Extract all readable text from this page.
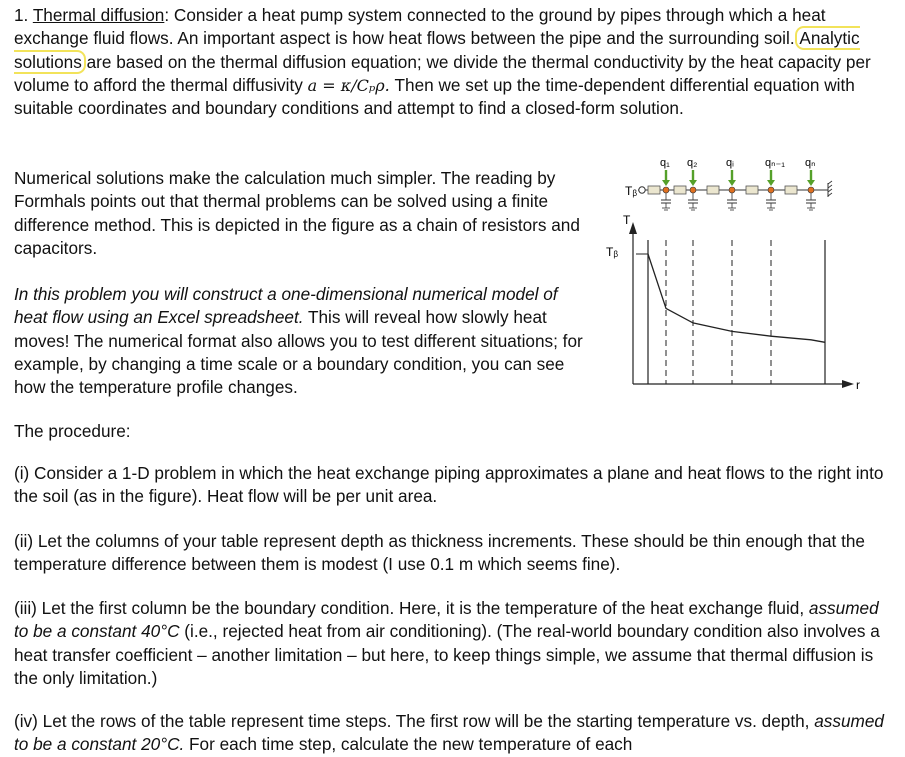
1. Thermal diffusion: Consider a heat pump system connected to the ground by pipes through which a heat exchange fluid flows. An important aspect is how heat flows between the pipe and the surrounding soil. Analytic solutions are based on the thermal diffusion equation; we divide the thermal conductivity by the heat capacity per volume to afford the thermal diffusivity a = κ/Cₚρ. Then we set up the time-dependent differential equation with suitable coordinates and boundary conditions and attempt to find a closed-form solution.
Numerical solutions make the calculation much simpler. The reading by Formhals points out that thermal problems can be solved using a finite difference method. This is depicted in the figure as a chain of resistors and capacitors.
In this problem you will construct a one-dimensional numerical model of heat flow using an Excel spreadsheet. This will reveal how slowly heat moves! The numerical format also allows you to test different situations; for example, by changing a time scale or a boundary condition, you can see how the temperature profile changes.
The procedure:
(i) Consider a 1-D problem in which the heat exchange piping approximates a plane and heat flows to the right into the soil (as in the figure). Heat flow will be per unit area.
(ii) Let the columns of your table represent depth as thickness increments. These should be thin enough that the temperature difference between them is modest (I use 0.1 m which seems fine).
(iii) Let the first column be the boundary condition. Here, it is the temperature of the heat exchange fluid, assumed to be a constant 40°C (i.e., rejected heat from air conditioning). (The real-world boundary condition also involves a heat transfer coefficient – another limitation – but here, to keep things simple, we assume that thermal diffusion is the only limitation.)
(iv) Let the rows of the table represent time steps. The first row will be the starting temperature vs. depth, assumed to be a constant 20°C. For each time step, calculate the new temperature of each
T
Tᵦ
r
q₁ q₂	qᵢ	qₙ₋₁ qₙ
Tᵦ
